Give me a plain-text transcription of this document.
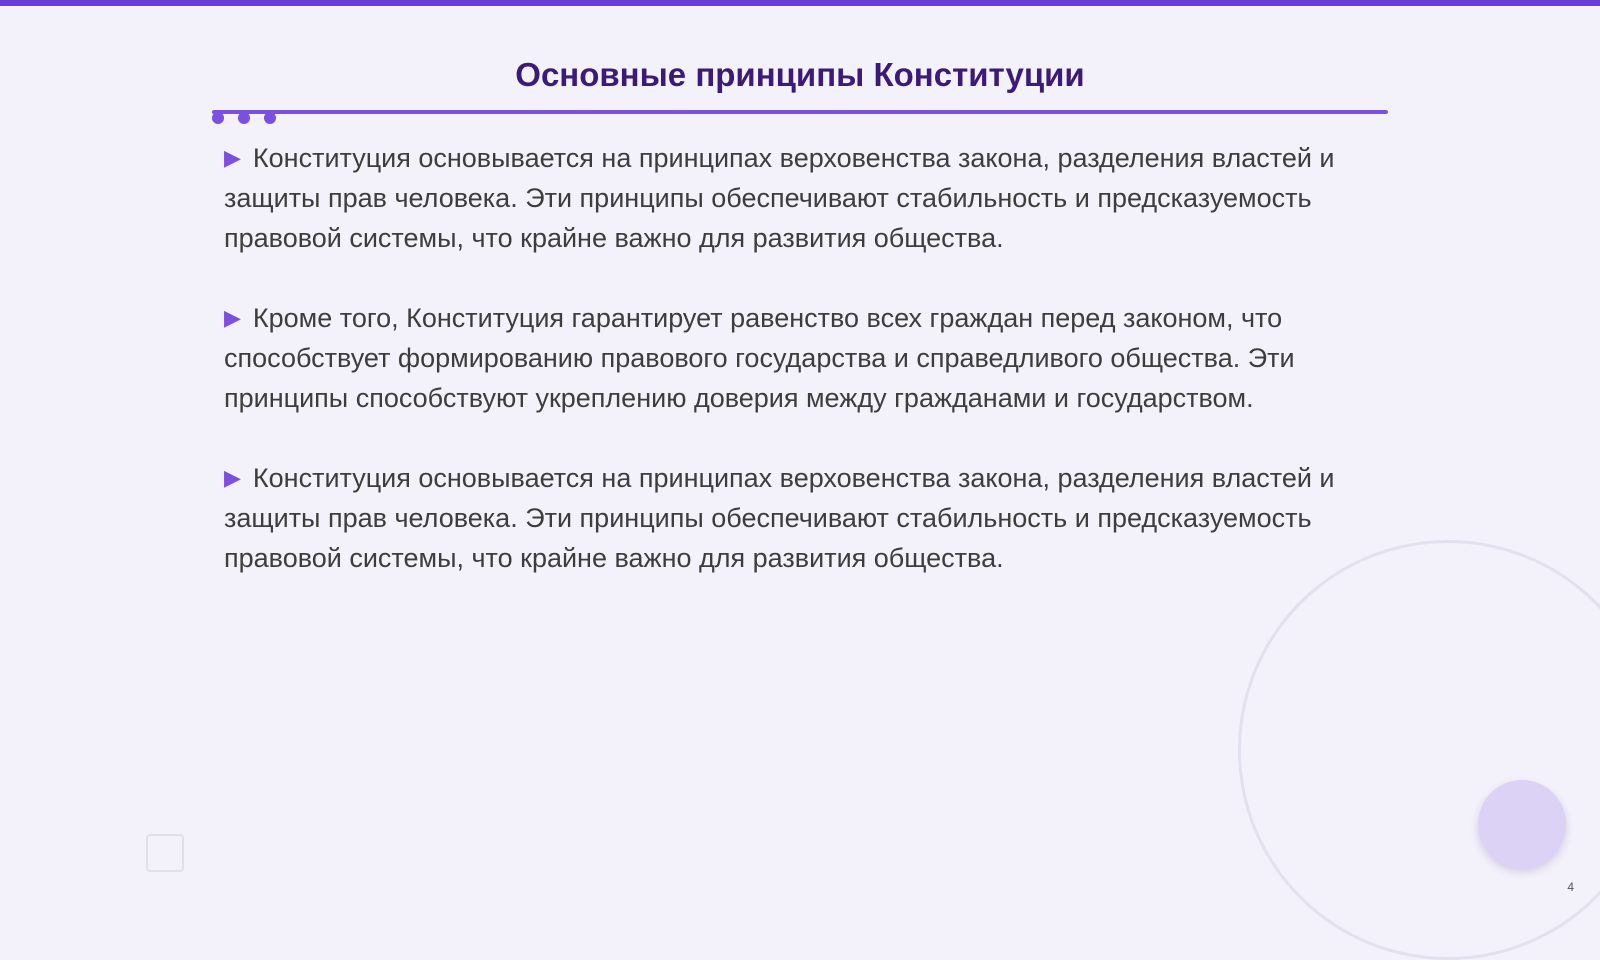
Основные принципы Конституции

▶ Конституция основывается на принципах верховенства закона, разделения властей и защиты прав человека. Эти принципы обеспечивают стабильность и предсказуемость правовой системы, что крайне важно для развития общества.

▶ Кроме того, Конституция гарантирует равенство всех граждан перед законом, что способствует формированию правового государства и справедливого общества. Эти принципы способствуют укреплению доверия между гражданами и государством.

▶ Конституция основывается на принципах верховенства закона, разделения властей и защиты прав человека. Эти принципы обеспечивают стабильность и предсказуемость правовой системы, что крайне важно для развития общества.

4
